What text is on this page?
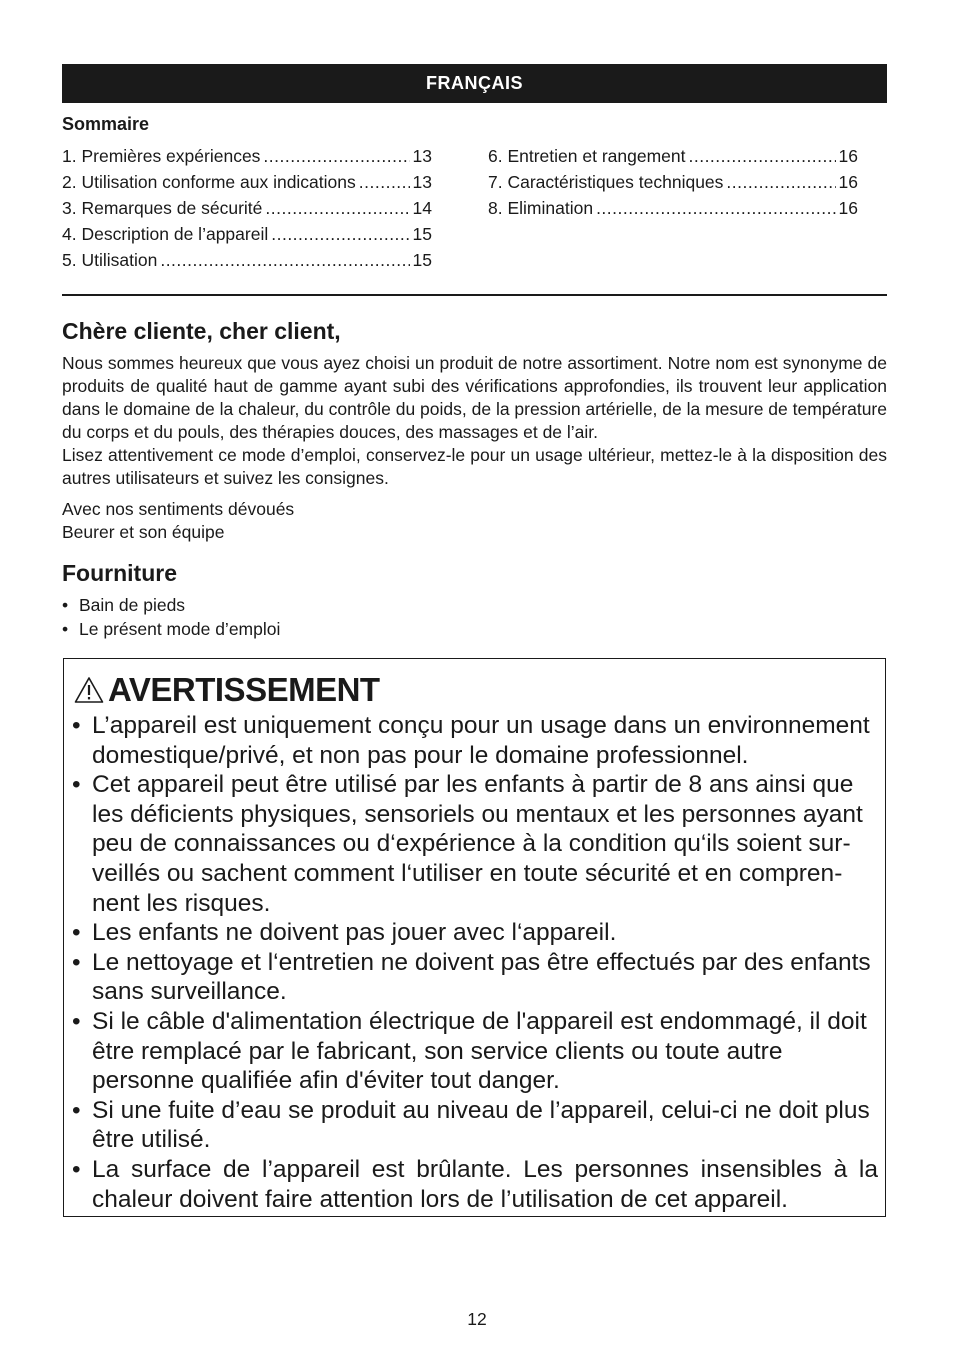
FRANÇAIS
Sommaire
1. Premières expériences .....	13
2. Utilisation conforme aux indications .....	13
3. Remarques de sécurité .....	14
4. Description de l’appareil .....	15
5. Utilisation .....	15
6. Entretien et rangement .....	16
7. Caractéristiques techniques .....	16
8. Elimination .....	16
Chère cliente, cher client,

Nous sommes heureux que vous ayez choisi un produit de notre assortiment. Notre nom est synonyme de produits de qualité haut de gamme ayant subi des vérifications approfondies, ils trouvent leur application dans le domaine de la chaleur, du contrôle du poids, de la pression artérielle, de la mesure de température du corps et du pouls, des thérapies douces, des massages et de l’air.

Lisez attentivement ce mode d’emploi, conservez-le pour un usage ultérieur, mettez-le à la disposition des autres utilisateurs et suivez les consignes.

Avec nos sentiments dévoués
Beurer et son équipe
Fourniture
• Bain de pieds
• Le présent mode d’emploi
AVERTISSEMENT
• L’appareil est uniquement conçu pour un usage dans un environnement domestique/privé, et non pas pour le domaine professionnel.
• Cet appareil peut être utilisé par les enfants à partir de 8 ans ainsi que les déficients physiques, sensoriels ou mentaux et les personnes ayant peu de connaissances ou d‘expérience à la condition qu‘ils soient surveillés ou sachent comment l‘utiliser en toute sécurité et en comprennent les risques.
• Les enfants ne doivent pas jouer avec l‘appareil.
• Le nettoyage et l‘entretien ne doivent pas être effectués par des enfants sans surveillance.
• Si le câble d'alimentation électrique de l'appareil est endommagé, il doit être remplacé par le fabricant, son service clients ou toute autre personne qualifiée afin d'éviter tout danger.
• Si une fuite d’eau se produit au niveau de l’appareil, celui-ci ne doit plus être utilisé.
• La surface de l’appareil est brûlante. Les personnes insensibles à la chaleur doivent faire attention lors de l’utilisation de cet appareil.
12
